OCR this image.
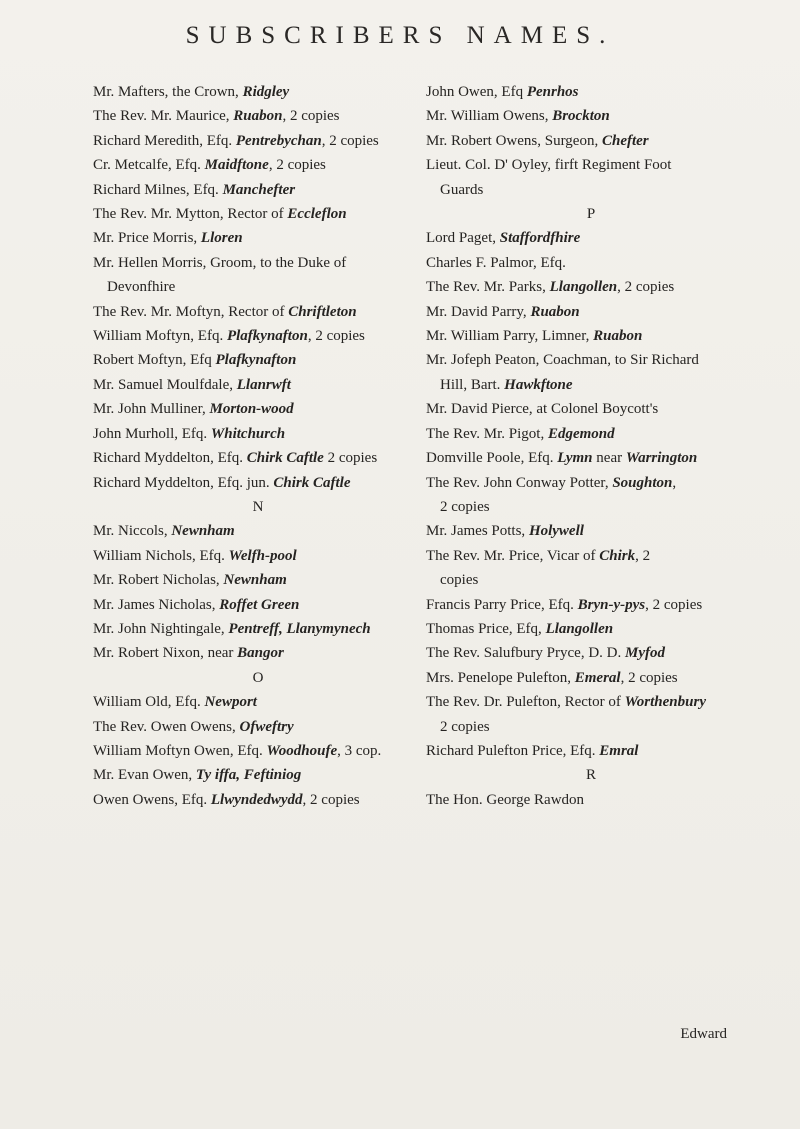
SUBSCRIBERS NAMES.
Mr. Mafters, the Crown, Ridgley
The Rev. Mr. Maurice, Ruabon, 2 copies
Richard Meredith, Efq. Pentrebychan, 2 copies
Cr. Metcalfe, Efq. Maidftone, 2 copies
Richard Milnes, Efq. Manchefter
The Rev. Mr. Mytton, Rector of Eccleflon
Mr. Price Morris, Lloren
Mr. Hellen Morris, Groom, to the Duke of
Devonfhire
The Rev. Mr. Moftyn, Rector of Chriftleton
William Moftyn, Efq. Plafkynafton, 2 copies
Robert Moftyn, Efq Plafkynafton
Mr. Samuel Moulfdale, Llanrwft
Mr. John Mulliner, Morton-wood
John Murholl, Efq. Whitchurch
Richard Myddelton, Efq. Chirk Caftle 2 copies
Richard Myddelton, Efq. jun. Chirk Caftle
N
Mr. Niccols, Newnham
William Nichols, Efq. Welfh-pool
Mr. Robert Nicholas, Newnham
Mr. James Nicholas, Roffet Green
Mr. John Nightingale, Pentreff, Llanymynech
Mr. Robert Nixon, near Bangor
O
William Old, Efq. Newport
The Rev. Owen Owens, Ofweftry
William Moftyn Owen, Efq. Woodhoufe, 3 cop.
Mr. Evan Owen, Ty iffa, Feftiniog
Owen Owens, Efq. Llwyndedwydd, 2 copies
John Owen, Efq Penrhos
Mr. William Owens, Brockton
Mr. Robert Owens, Surgeon, Chefter
Lieut. Col. D' Oyley, firft Regiment Foot
Guards
P
Lord Paget, Staffordfhire
Charles F. Palmor, Efq.
The Rev. Mr. Parks, Llangollen, 2 copies
Mr. David Parry, Ruabon
Mr. William Parry, Limner, Ruabon
Mr. Jofeph Peaton, Coachman, to Sir Richard
Hill, Bart. Hawkftone
Mr. David Pierce, at Colonel Boycott's
The Rev. Mr. Pigot, Edgemond
Domville Poole, Efq. Lymn near Warrington
The Rev. John Conway Potter, Soughton,
2 copies
Mr. James Potts, Holywell
The Rev. Mr. Price, Vicar of Chirk, 2
copies
Francis Parry Price, Efq. Bryn-y-pys, 2 copies
Thomas Price, Efq, Llangollen
The Rev. Salufbury Pryce, D. D. Myfod
Mrs. Penelope Pulefton, Emeral, 2 copies
The Rev. Dr. Pulefton, Rector of Worthenbury
2 copies
Richard Pulefton Price, Efq. Emral
R
The Hon. George Rawdon
Edward
